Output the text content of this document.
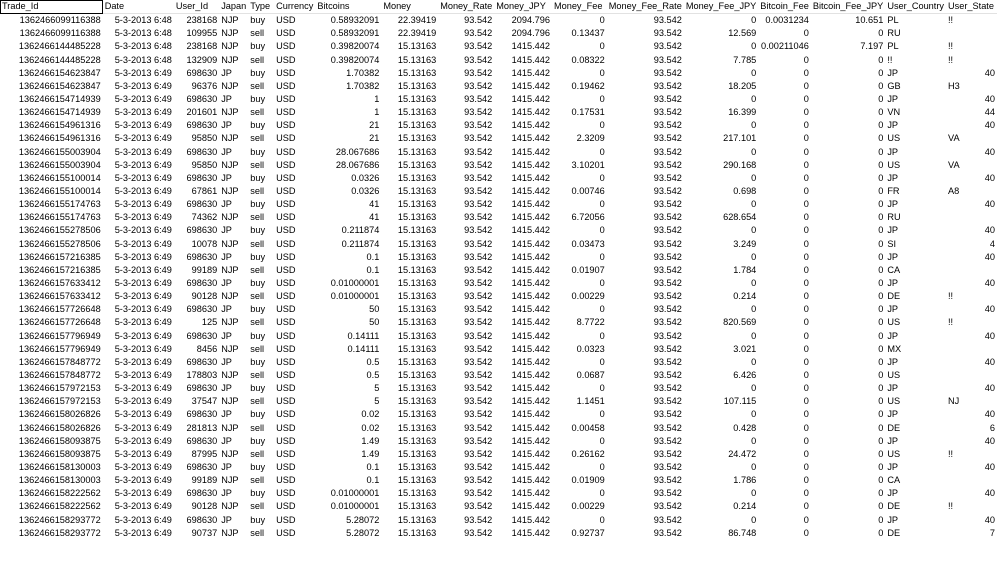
Trade_Id	Date	User_Id	Japan	Type	Currency	Bitcoins	Money	Money_Rate	Money_JPY	Money_Fee	Money_Fee_Rate	Money_Fee_JPY	Bitcoin_Fee	Bitcoin_Fee_JPY	User_Country	User_State
1362466099116388	5-3-2013 6:48	238168	NJP	buy	USD	0.58932091	22.39419	93.542	2094.796	0	93.542	0	0.0031234	10.651	PL	!!
1362466099116388	5-3-2013 6:48	109955	NJP	sell	USD	0.58932091	22.39419	93.542	2094.796	0.13437	93.542	12.569	0	0	RU	
1362466144485228	5-3-2013 6:48	238168	NJP	buy	USD	0.39820074	15.13163	93.542	1415.442	0	93.542	0	0.00211046	7.197	PL	!!
1362466144485228	5-3-2013 6:48	132909	NJP	sell	USD	0.39820074	15.13163	93.542	1415.442	0.08322	93.542	7.785	0	0	!!	!!
1362466154623847	5-3-2013 6:49	698630	JP	buy	USD	1.70382	15.13163	93.542	1415.442	0	93.542	0	0	0	JP	40
1362466154623847	5-3-2013 6:49	96376	NJP	sell	USD	1.70382	15.13163	93.542	1415.442	0.19462	93.542	18.205	0	0	GB	H3
1362466154714939	5-3-2013 6:49	698630	JP	buy	USD	1	15.13163	93.542	1415.442	0	93.542	0	0	0	JP	40
1362466154714939	5-3-2013 6:49	201601	NJP	sell	USD	1	15.13163	93.542	1415.442	0.17531	93.542	16.399	0	0	VN	44
1362466154961316	5-3-2013 6:49	698630	JP	buy	USD	21	15.13163	93.542	1415.442	0	93.542	0	0	0	JP	40
1362466154961316	5-3-2013 6:49	95850	NJP	sell	USD	21	15.13163	93.542	1415.442	2.3209	93.542	217.101	0	0	US	VA
1362466155003904	5-3-2013 6:49	698630	JP	buy	USD	28.067686	15.13163	93.542	1415.442	0	93.542	0	0	0	JP	40
1362466155003904	5-3-2013 6:49	95850	NJP	sell	USD	28.067686	15.13163	93.542	1415.442	3.10201	93.542	290.168	0	0	US	VA
1362466155100014	5-3-2013 6:49	698630	JP	buy	USD	0.0326	15.13163	93.542	1415.442	0	93.542	0	0	0	JP	40
1362466155100014	5-3-2013 6:49	67861	NJP	sell	USD	0.0326	15.13163	93.542	1415.442	0.00746	93.542	0.698	0	0	FR	A8
1362466155174763	5-3-2013 6:49	698630	JP	buy	USD	41	15.13163	93.542	1415.442	0	93.542	0	0	0	JP	40
1362466155174763	5-3-2013 6:49	74362	NJP	sell	USD	41	15.13163	93.542	1415.442	6.72056	93.542	628.654	0	0	RU	
1362466155278506	5-3-2013 6:49	698630	JP	buy	USD	0.211874	15.13163	93.542	1415.442	0	93.542	0	0	0	JP	40
1362466155278506	5-3-2013 6:49	10078	NJP	sell	USD	0.211874	15.13163	93.542	1415.442	0.03473	93.542	3.249	0	0	SI	4
1362466157216385	5-3-2013 6:49	698630	JP	buy	USD	0.1	15.13163	93.542	1415.442	0	93.542	0	0	0	JP	40
1362466157216385	5-3-2013 6:49	99189	NJP	sell	USD	0.1	15.13163	93.542	1415.442	0.01907	93.542	1.784	0	0	CA	
1362466157633412	5-3-2013 6:49	698630	JP	buy	USD	0.01000001	15.13163	93.542	1415.442	0	93.542	0	0	0	JP	40
1362466157633412	5-3-2013 6:49	90128	NJP	sell	USD	0.01000001	15.13163	93.542	1415.442	0.00229	93.542	0.214	0	0	DE	!!
1362466157726648	5-3-2013 6:49	698630	JP	buy	USD	50	15.13163	93.542	1415.442	0	93.542	0	0	0	JP	40
1362466157726648	5-3-2013 6:49	125	NJP	sell	USD	50	15.13163	93.542	1415.442	8.7722	93.542	820.569	0	0	US	!!
1362466157796949	5-3-2013 6:49	698630	JP	buy	USD	0.14111	15.13163	93.542	1415.442	0	93.542	0	0	0	JP	40
1362466157796949	5-3-2013 6:49	8456	NJP	sell	USD	0.14111	15.13163	93.542	1415.442	0.0323	93.542	3.021	0	0	MX	
1362466157848772	5-3-2013 6:49	698630	JP	buy	USD	0.5	15.13163	93.542	1415.442	0	93.542	0	0	0	JP	40
1362466157848772	5-3-2013 6:49	178803	NJP	sell	USD	0.5	15.13163	93.542	1415.442	0.0687	93.542	6.426	0	0	US	
1362466157972153	5-3-2013 6:49	698630	JP	buy	USD	5	15.13163	93.542	1415.442	0	93.542	0	0	0	JP	40
1362466157972153	5-3-2013 6:49	37547	NJP	sell	USD	5	15.13163	93.542	1415.442	1.1451	93.542	107.115	0	0	US	NJ
1362466158026826	5-3-2013 6:49	698630	JP	buy	USD	0.02	15.13163	93.542	1415.442	0	93.542	0	0	0	JP	40
1362466158026826	5-3-2013 6:49	281813	NJP	sell	USD	0.02	15.13163	93.542	1415.442	0.00458	93.542	0.428	0	0	DE	6
1362466158093875	5-3-2013 6:49	698630	JP	buy	USD	1.49	15.13163	93.542	1415.442	0	93.542	0	0	0	JP	40
1362466158093875	5-3-2013 6:49	87995	NJP	sell	USD	1.49	15.13163	93.542	1415.442	0.26162	93.542	24.472	0	0	US	!!
1362466158130003	5-3-2013 6:49	698630	JP	buy	USD	0.1	15.13163	93.542	1415.442	0	93.542	0	0	0	JP	40
1362466158130003	5-3-2013 6:49	99189	NJP	sell	USD	0.1	15.13163	93.542	1415.442	0.01909	93.542	1.786	0	0	CA	
1362466158222562	5-3-2013 6:49	698630	JP	buy	USD	0.01000001	15.13163	93.542	1415.442	0	93.542	0	0	0	JP	40
1362466158222562	5-3-2013 6:49	90128	NJP	sell	USD	0.01000001	15.13163	93.542	1415.442	0.00229	93.542	0.214	0	0	DE	!!
1362466158293772	5-3-2013 6:49	698630	JP	buy	USD	5.28072	15.13163	93.542	1415.442	0	93.542	0	0	0	JP	40
1362466158293772	5-3-2013 6:49	90737	NJP	sell	USD	5.28072	15.13163	93.542	1415.442	0.92737	93.542	86.748	0	0	DE	7
